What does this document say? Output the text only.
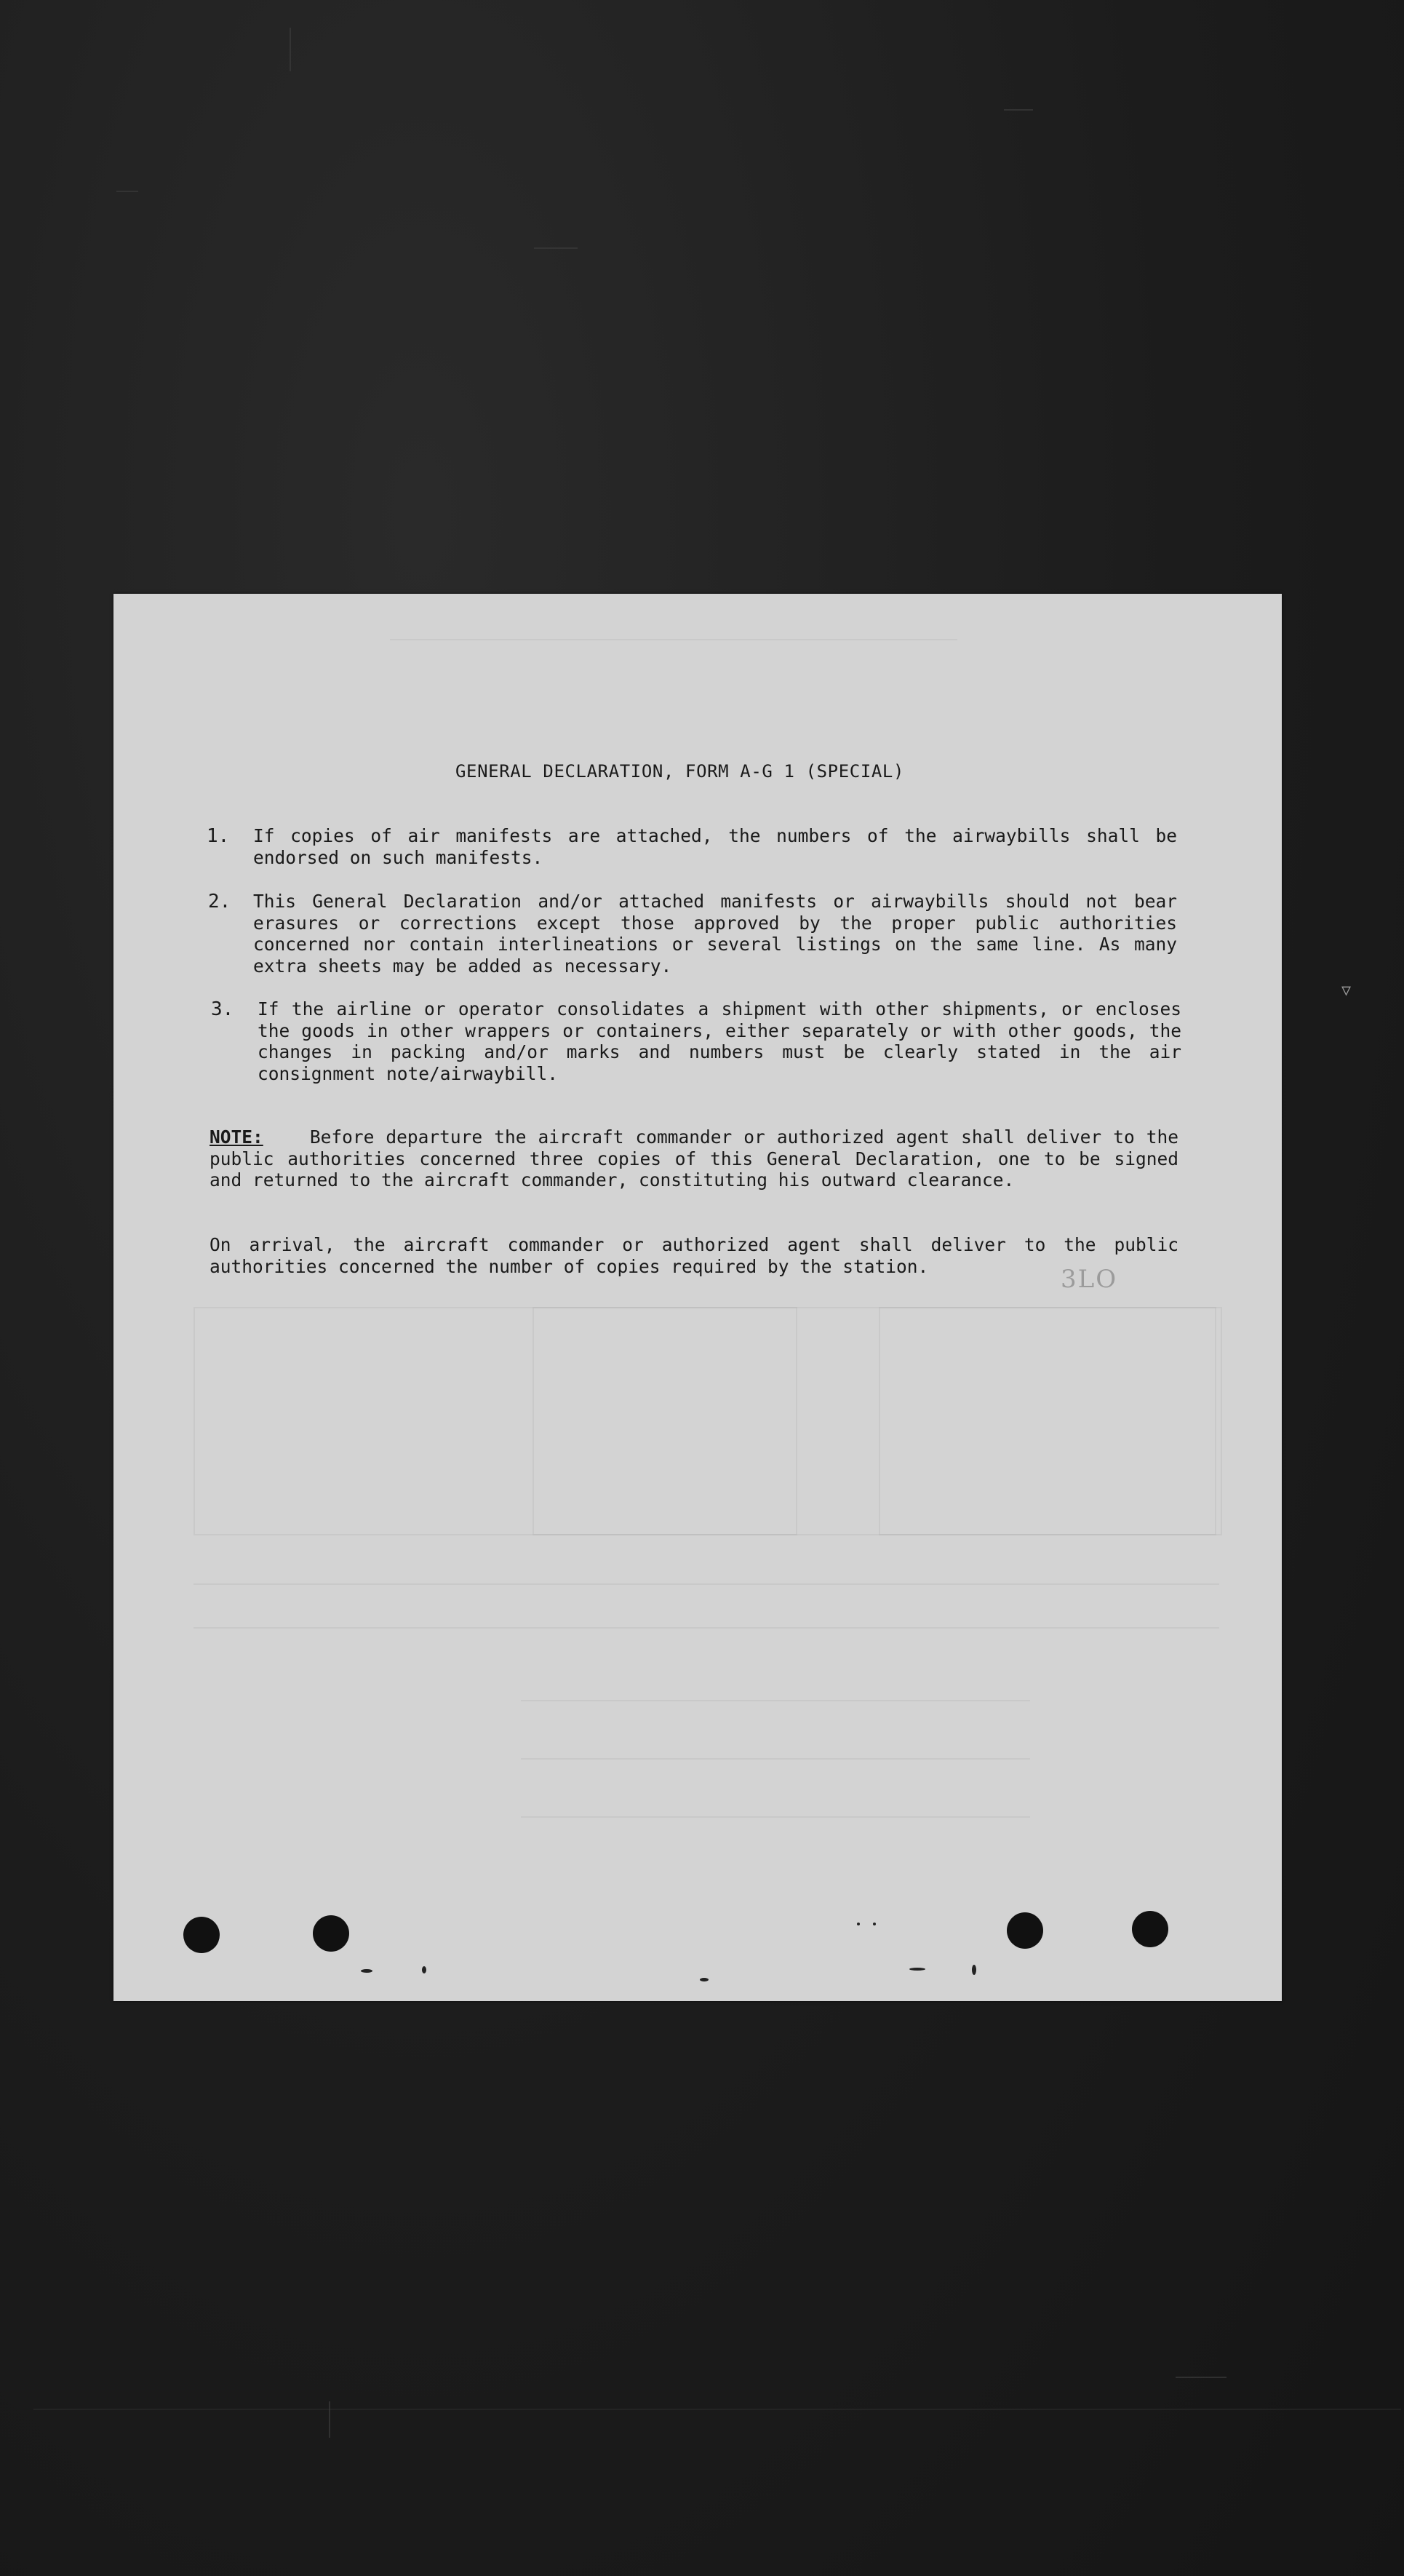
▿
GENERAL DECLARATION, FORM A-G 1 (SPECIAL)
1. If copies of air manifests are attached, the numbers of the airwaybills shall be endorsed on such manifests.
2. This General Declaration and/or attached manifests or airwaybills should not bear erasures or corrections except those approved by the proper public authorities concerned nor contain interlineations or several listings on the same line. As many extra sheets may be added as necessary.
3. If the airline or operator consolidates a shipment with other shipments, or encloses the goods in other wrappers or containers, either separately or with other goods, the changes in packing and/or marks and numbers must be clearly stated in the air consignment note/airwaybill.
NOTE:	Before departure the aircraft commander or authorized agent shall deliver to the public authorities concerned three copies of this General Declaration, one to be signed and returned to the aircraft commander, constituting his outward clearance.
On arrival, the aircraft commander or authorized agent shall deliver to the public authorities concerned the number of copies required by the station.	3LO
